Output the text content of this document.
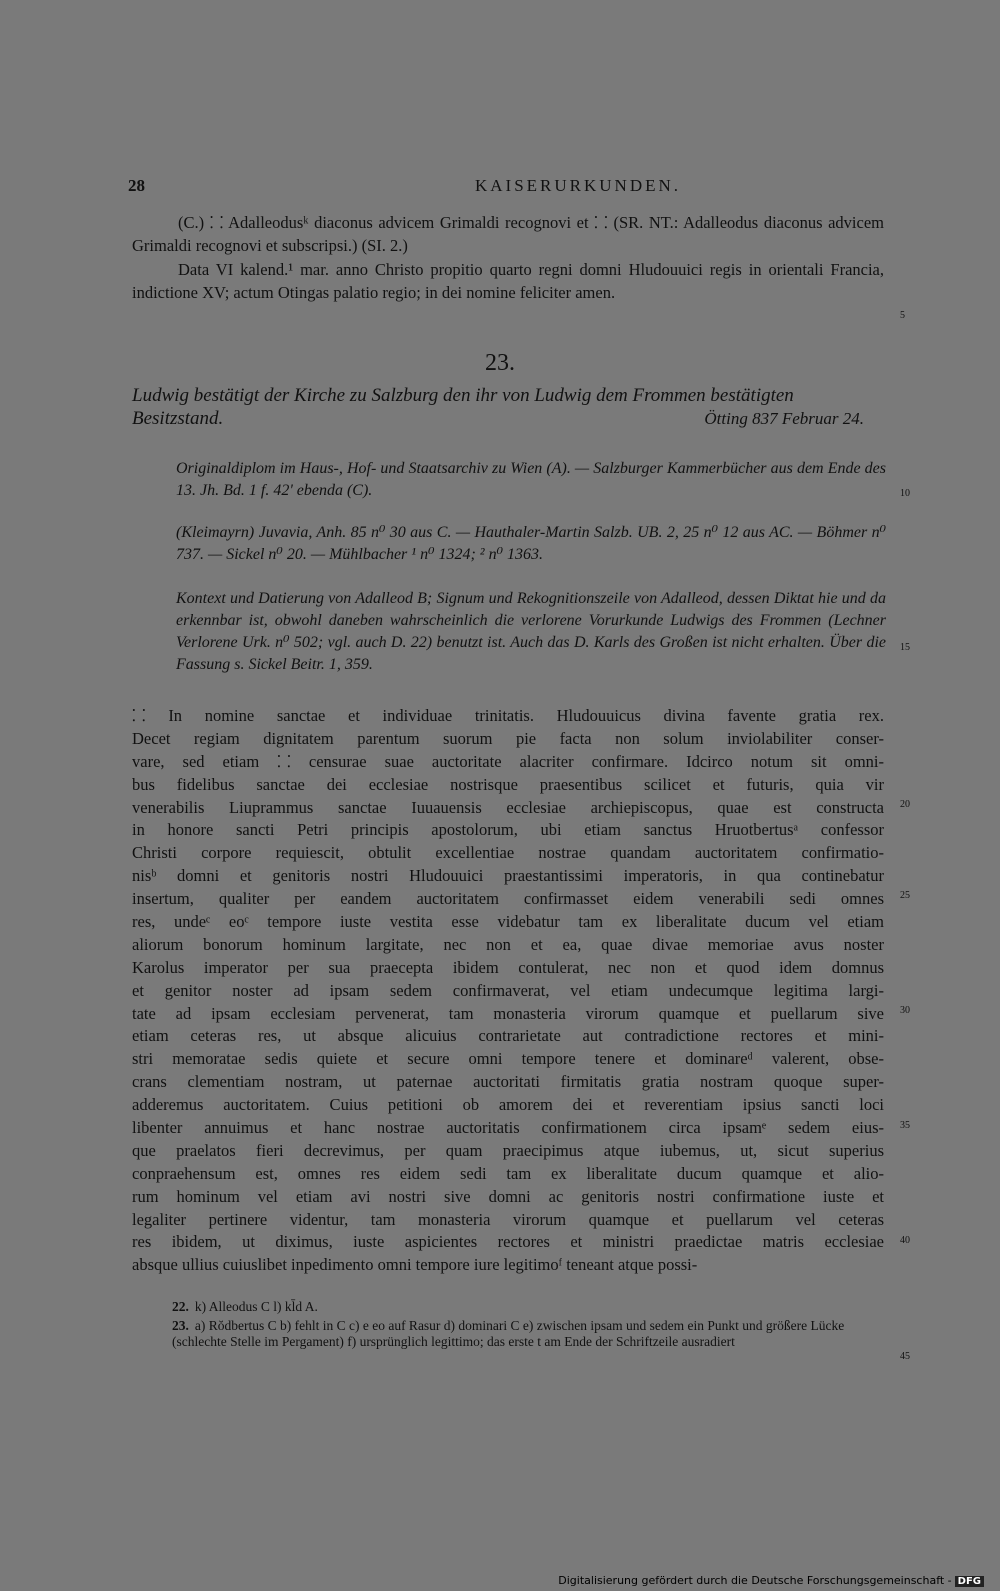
28	KAISERURKUNDEN.

(C.) ⸬ Adalleodusᵏ diaconus advicem Grimaldi recognovi et ⸬ (SR. NT.: Adalleodus diaconus advicem Grimaldi recognovi et subscripsi.) (SI. 2.)

Data VI kalend.¹ mar. anno Christo propitio quarto regni domni Hludouuici regis in orientali Francia, indictione XV; actum Otingas palatio regio; in dei nomine feliciter amen.

23.
Ludwig bestätigt der Kirche zu Salzburg den ihr von Ludwig dem Frommen bestätigten Besitzstand.	Ötting 837 Februar 24.
Originaldiplom im Haus-, Hof- und Staatsarchiv zu Wien (A). — Salzburger Kammerbücher aus dem Ende des 13. Jh. Bd. 1 f. 42' ebenda (C).
(Kleimayrn) Juvavia, Anh. 85 n⁰ 30 aus C. — Hauthaler-Martin Salzb. UB. 2, 25 n⁰ 12 aus AC. — Böhmer n⁰ 737. — Sickel n⁰ 20. — Mühlbacher ¹ n⁰ 1324; ² n⁰ 1363.
Kontext und Datierung von Adalleod B; Signum und Rekognitionszeile von Adalleod, dessen Diktat hie und da erkennbar ist, obwohl daneben wahrscheinlich die verlorene Vorurkunde Ludwigs des Frommen (Lechner Verlorene Urk. n⁰ 502; vgl. auch D. 22) benutzt ist. Auch das D. Karls des Großen ist nicht erhalten. Über die Fassung s. Sickel Beitr. 1, 359.
⸬ In nomine sanctae et individuae trinitatis. Hludouuicus divina favente gratia rex.
Decet regiam dignitatem parentum suorum pie facta non solum inviolabiliter conser-
vare, sed etiam ⸬ censurae suae auctoritate alacriter confirmare. Idcirco notum sit omni-
bus fidelibus sanctae dei ecclesiae nostrisque praesentibus scilicet et futuris, quia vir
venerabilis Liuprammus sanctae Iuuauensis ecclesiae archiepiscopus, quae est constructa
in honore sancti Petri principis apostolorum, ubi etiam sanctus Hruotbertusᵃ confessor
Christi corpore requiescit, obtulit excellentiae nostrae quandam auctoritatem confirmatio-
nisᵇ domni et genitoris nostri Hludouuici praestantissimi imperatoris, in qua continebatur
insertum, qualiter per eandem auctoritatem confirmasset eidem venerabili sedi omnes
res, undeᶜ eoᶜ tempore iuste vestita esse videbatur tam ex liberalitate ducum vel etiam
aliorum bonorum hominum largitate, nec non et ea, quae divae memoriae avus noster
Karolus imperator per sua praecepta ibidem contulerat, nec non et quod idem domnus
et genitor noster ad ipsam sedem confirmaverat, vel etiam undecumque legitima largi-
tate ad ipsam ecclesiam pervenerat, tam monasteria virorum quamque et puellarum sive
etiam ceteras res, ut absque alicuius contrarietate aut contradictione rectores et mini-
stri memoratae sedis quiete et secure omni tempore tenere et dominareᵈ valerent, obse-
crans clementiam nostram, ut paternae auctoritati firmitatis gratia nostram quoque super-
adderemus auctoritatem. Cuius petitioni ob amorem dei et reverentiam ipsius sancti loci
libenter annuimus et hanc nostrae auctoritatis confirmationem circa ipsamᵉ sedem eius-
que praelatos fieri decrevimus, per quam praecipimus atque iubemus, ut, sicut superius
conpraehensum est, omnes res eidem sedi tam ex liberalitate ducum quamque et alio-
rum hominum vel etiam avi nostri sive domni ac genitoris nostri confirmatione iuste et
legaliter pertinere videntur, tam monasteria virorum quamque et puellarum vel ceteras
res ibidem, ut diximus, iuste aspicientes rectores et ministri praedictae matris ecclesiae
absque ullius cuiuslibet inpedimento omni tempore iure legitimoᶠ teneant atque possi-
5
10
15
20
25
30
35
40
45
22. k) Alleodus C l) kl̄d A.
23. a) Rŏdbertus C b) fehlt in C c) e eo auf Rasur d) dominari C e) zwischen ipsam und sedem ein Punkt und größere Lücke (schlechte Stelle im Pergament) f) ursprünglich legittimo; das erste t am Ende der Schriftzeile ausradiert
Digitalisierung gefördert durch die Deutsche Forschungsgemeinschaft - DFG
